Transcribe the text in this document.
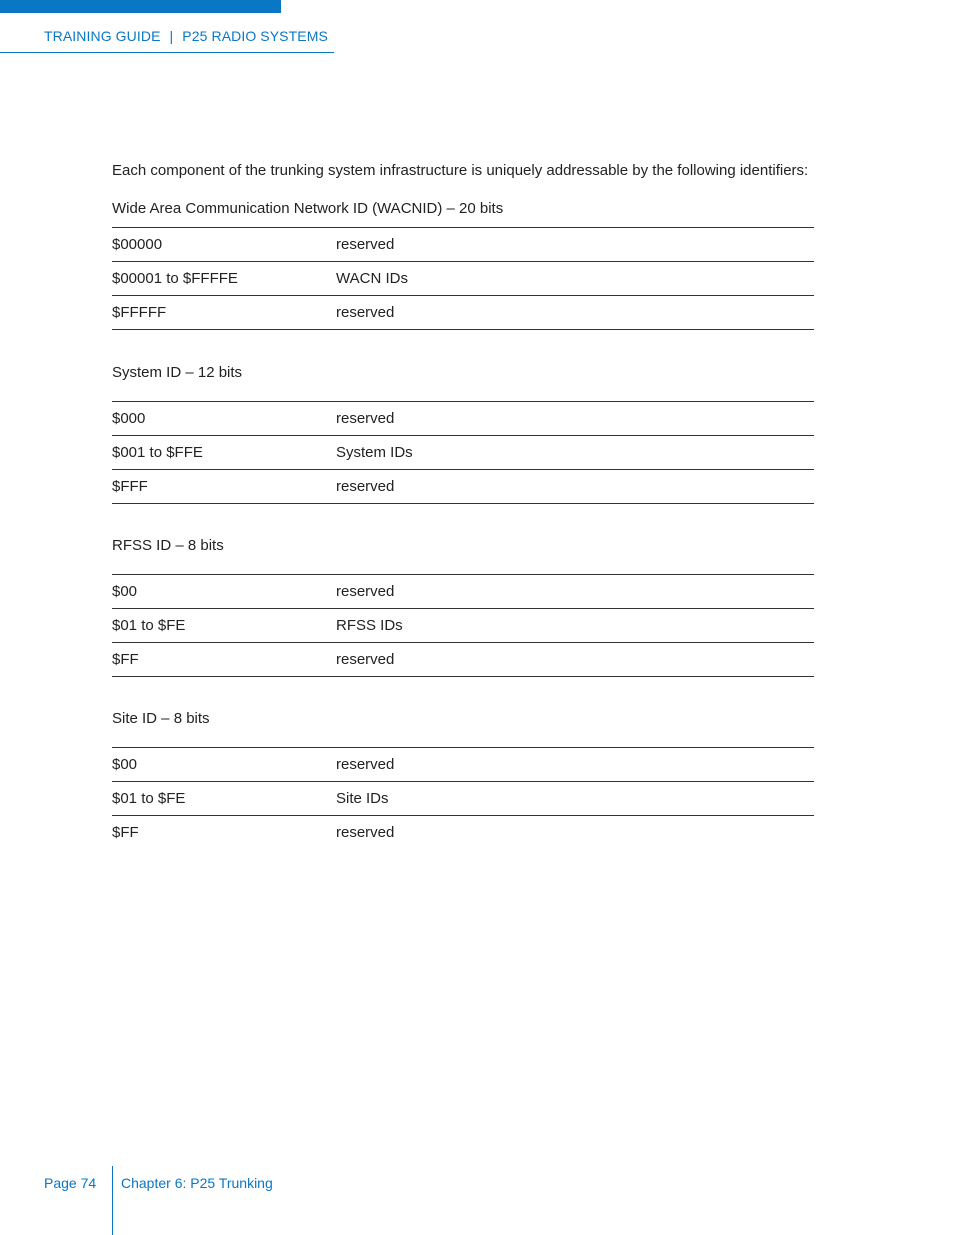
TRAINING GUIDE | P25 RADIO SYSTEMS

Each component of the trunking system infrastructure is uniquely addressable by the following identifiers:

Wide Area Communication Network ID (WACNID) – 20 bits

$00000	reserved
$00001 to $FFFFE	WACN IDs
$FFFFF	reserved

System ID – 12 bits

$000	reserved
$001 to $FFE	System IDs
$FFF	reserved

RFSS ID – 8 bits

$00	reserved
$01 to $FE	RFSS IDs
$FF	reserved

Site ID – 8 bits

$00	reserved
$01 to $FE	Site IDs
$FF	reserved
Page 74 Chapter 6: P25 Trunking
